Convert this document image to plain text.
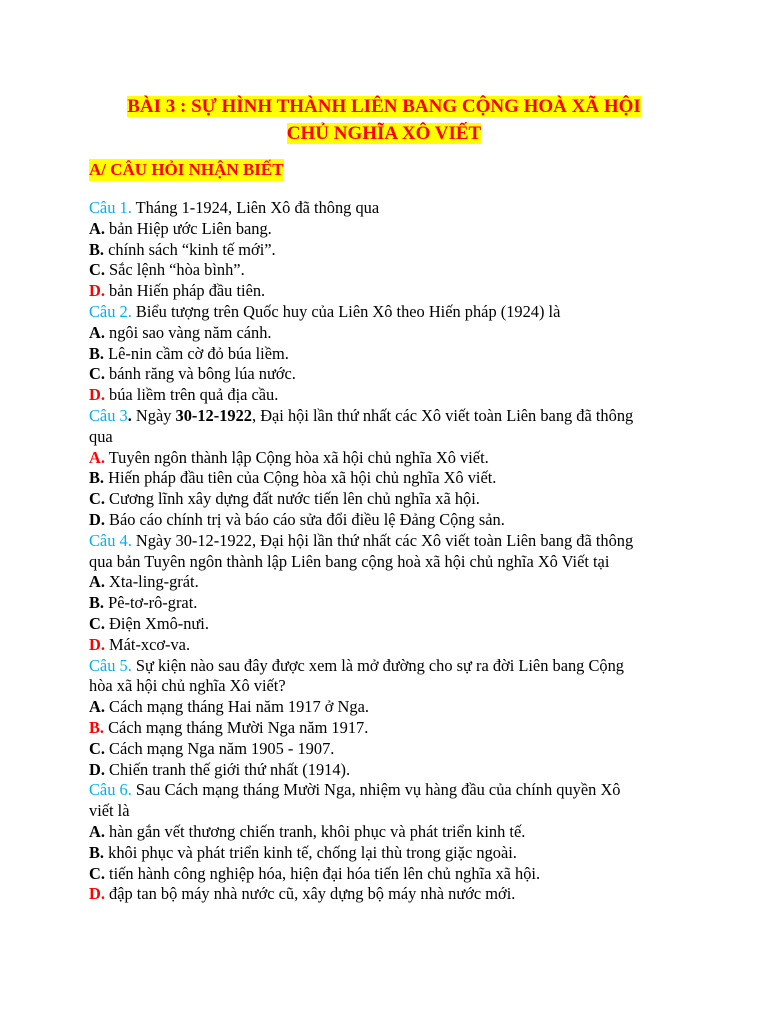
BÀI 3 : SỰ HÌNH THÀNH LIÊN BANG CỘNG HOÀ XÃ HỘI
CHỦ NGHĨA XÔ VIẾT
A/ CÂU HỎI NHẬN BIẾT
Câu 1. Tháng 1-1924, Liên Xô đã thông qua
A. bản Hiệp ước Liên bang.
B. chính sách “kinh tế mới”.
C. Sắc lệnh “hòa bình”.
D. bản Hiến pháp đầu tiên.
Câu 2. Biểu tượng trên Quốc huy của Liên Xô theo Hiến pháp (1924) là
A. ngôi sao vàng năm cánh.
B. Lê-nin cầm cờ đỏ búa liềm.
C. bánh răng và bông lúa nước.
D. búa liềm trên quả địa cầu.
Câu 3. Ngày 30-12-1922, Đại hội lần thứ nhất các Xô viết toàn Liên bang đã thông
qua
A. Tuyên ngôn thành lập Cộng hòa xã hội chủ nghĩa Xô viết.
B. Hiến pháp đầu tiên của Cộng hòa xã hội chủ nghĩa Xô viết.
C. Cương lĩnh xây dựng đất nước tiến lên chủ nghĩa xã hội.
D. Báo cáo chính trị và báo cáo sửa đổi điều lệ Đảng Cộng sản.
Câu 4. Ngày 30-12-1922, Đại hội lần thứ nhất các Xô viết toàn Liên bang đã thông
qua bản Tuyên ngôn thành lập Liên bang cộng hoà xã hội chủ nghĩa Xô Viết tại
A. Xta-ling-grát.
B. Pê-tơ-rô-grat.
C. Điện Xmô-nưi.
D. Mát-xcơ-va.
Câu 5. Sự kiện nào sau đây được xem là mở đường cho sự ra đời Liên bang Cộng
hòa xã hội chủ nghĩa Xô viết?
A. Cách mạng tháng Hai năm 1917 ở Nga.
B. Cách mạng tháng Mười Nga năm 1917.
C. Cách mạng Nga năm 1905 - 1907.
D. Chiến tranh thế giới thứ nhất (1914).
Câu 6. Sau Cách mạng tháng Mười Nga, nhiệm vụ hàng đầu của chính quyền Xô
viết là
A. hàn gắn vết thương chiến tranh, khôi phục và phát triển kinh tế.
B. khôi phục và phát triển kinh tế, chống lại thù trong giặc ngoài.
C. tiến hành công nghiệp hóa, hiện đại hóa tiến lên chủ nghĩa xã hội.
D. đập tan bộ máy nhà nước cũ, xây dựng bộ máy nhà nước mới.
